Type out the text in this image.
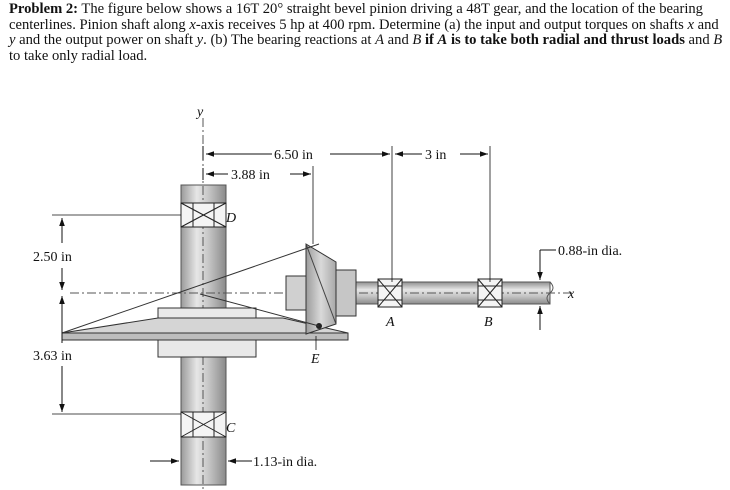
Problem 2: The figure below shows a 16T 20° straight bevel pinion driving a 48T gear, and the location of the bearing centerlines. Pinion shaft along x-axis receives 5 hp at 400 rpm. Determine (a) the input and output torques on shafts x and y and the output power on shaft y. (b) The bearing reactions at A and B if A is to take both radial and thrust loads and B to take only radial load.
D
C
A	B
y
x
6.50 in	3 in
3.88 in
2.50 in
3.63 in
0.88-in dia.
1.13-in dia.
E
